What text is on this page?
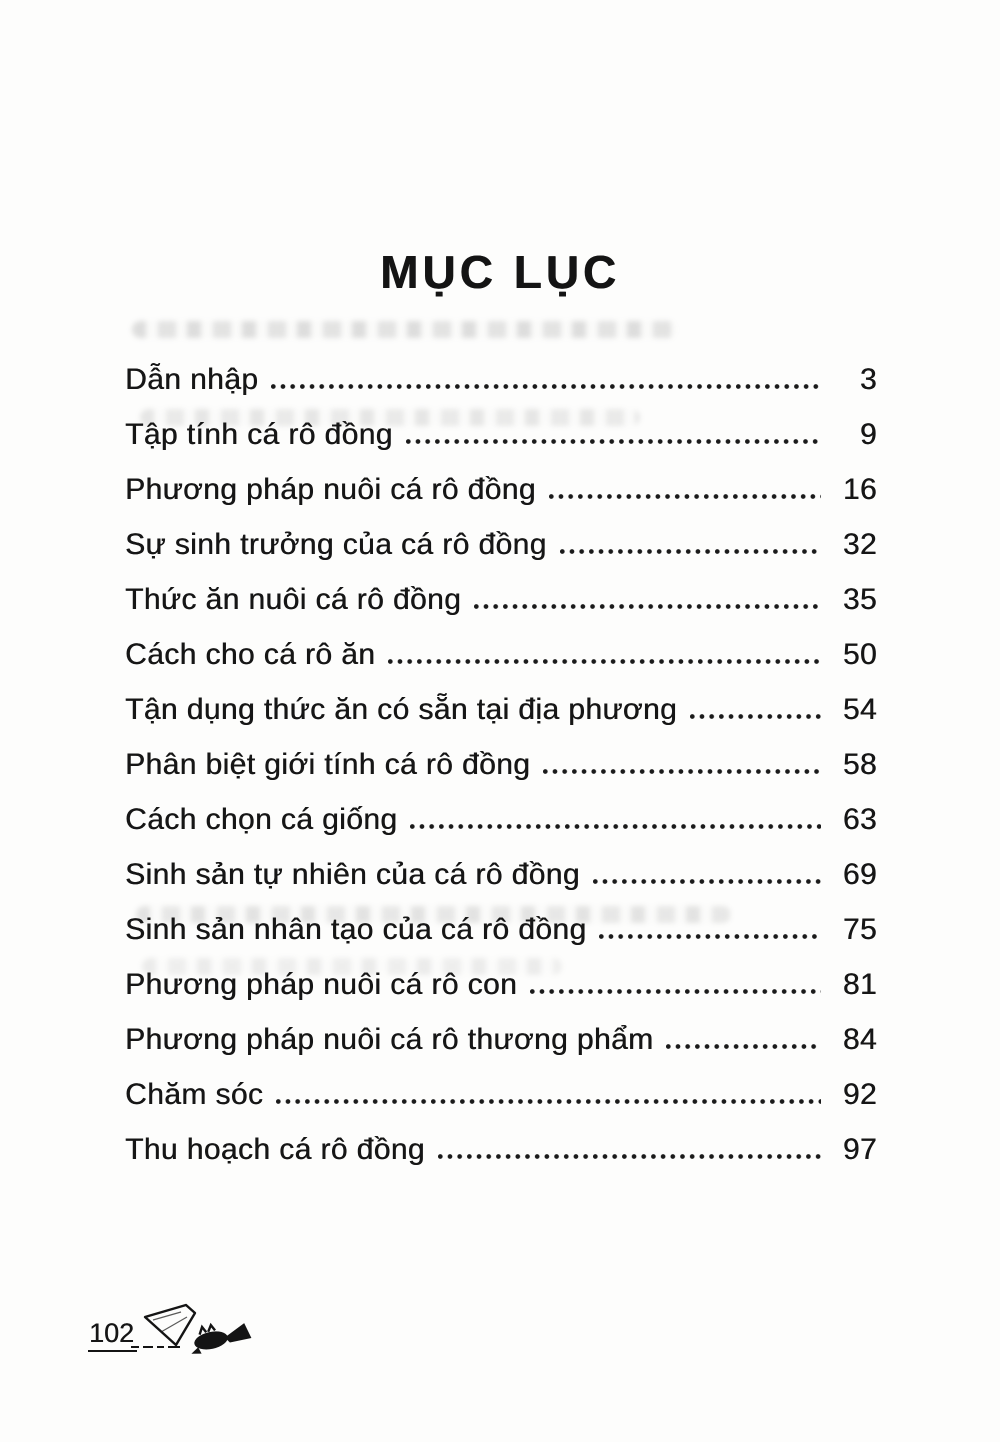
MỤC LỤC
Dẫn nhập	3
Tập tính cá rô đồng	9
Phương pháp nuôi cá rô đồng	16
Sự sinh trưởng của cá rô đồng	32
Thức ăn nuôi cá rô đồng	35
Cách cho cá rô ăn	50
Tận dụng thức ăn có sẵn tại địa phương	54
Phân biệt giới tính cá rô đồng	58
Cách chọn cá giống	63
Sinh sản tự nhiên của cá rô đồng	69
Sinh sản nhân tạo của cá rô đồng	75
Phương pháp nuôi cá rô con	81
Phương pháp nuôi cá rô thương phẩm	84
Chăm sóc	92
Thu hoạch cá rô đồng	97
102
